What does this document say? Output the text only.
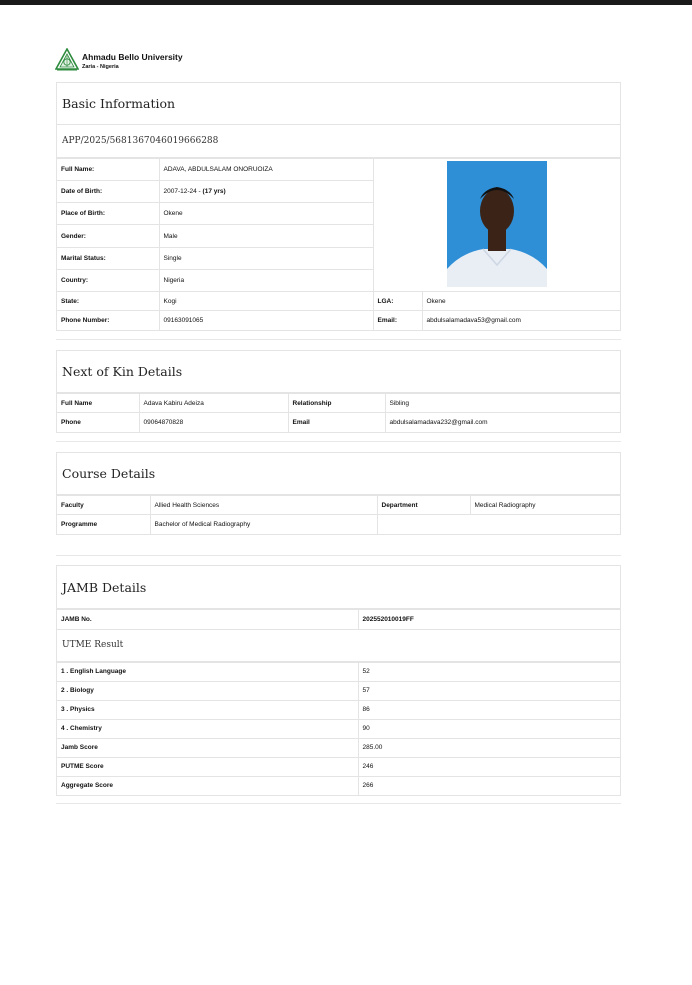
Ahmadu Bello University
Zaria - Nigeria
Basic Information
APP/2025/5681367046019666288
Full Name:	ADAVA, ABDULSALAM ONORUOIZA	
Date of Birth:	2007-12-24 - (17 yrs)		
Place of Birth:	Okene		
Gender:	Male		
Marital Status:	Single		
Country:	Nigeria		
State:	Kogi	LGA:	Okene
Phone Number:	09163091065	Email:	abdulsalamadava53@gmail.com
Next of Kin Details
Full Name	Adava Kabiru Adeiza	Relationship	Sibling
Phone	09064870828	Email	abdulsalamadava232@gmail.com
Course Details
Faculty	Allied Health Sciences	Department	Medical Radiography
Programme	Bachelor of Medical Radiography		
JAMB Details
JAMB No.	202552010019FF
UTME Result
1 . English Language	52
2 . Biology	57
3 . Physics	86
4 . Chemistry	90
Jamb Score	285.00
PUTME Score	246
Aggregate Score	266
